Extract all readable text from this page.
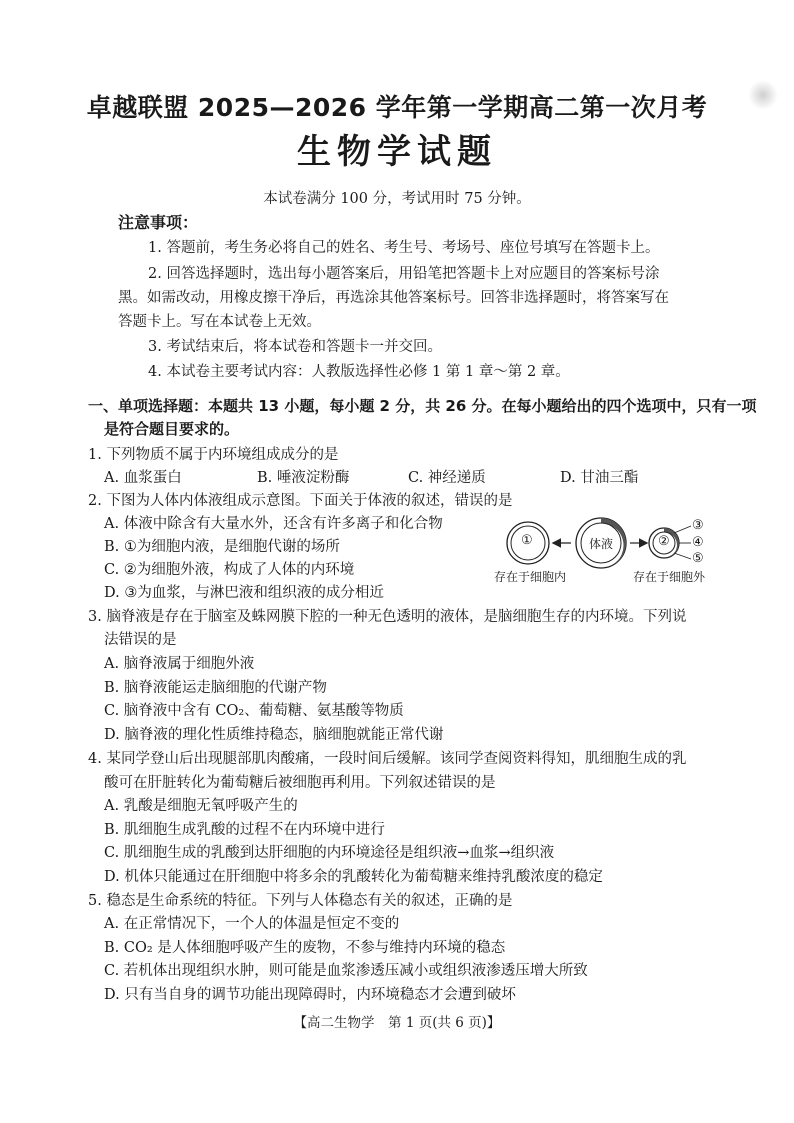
卓越联盟 2025—2026 学年第一学期高二第一次月考
生物学试题
本试卷满分 100 分，考试用时 75 分钟。
注意事项：
1. 答题前，考生务必将自己的姓名、考生号、考场号、座位号填写在答题卡上。
2. 回答选择题时，选出每小题答案后，用铅笔把答题卡上对应题目的答案标号涂
黑。如需改动，用橡皮擦干净后，再选涂其他答案标号。回答非选择题时，将答案写在
答题卡上。写在本试卷上无效。
3. 考试结束后，将本试卷和答题卡一并交回。
4. 本试卷主要考试内容：人教版选择性必修 1 第 1 章～第 2 章。
一、单项选择题：本题共 13 小题，每小题 2 分，共 26 分。在每小题给出的四个选项中，只有一项
是符合题目要求的。
1. 下列物质不属于内环境组成成分的是
A. 血浆蛋白	B. 唾液淀粉酶	C. 神经递质	D. 甘油三酯
2. 下图为人体内体液组成示意图。下面关于体液的叙述，错误的是
A. 体液中除含有大量水外，还含有许多离子和化合物
B. ①为细胞内液，是细胞代谢的场所
C. ②为细胞外液，构成了人体的内环境
D. ③为血浆，与淋巴液和组织液的成分相近
①	体液	②
③
④
⑤
存在于细胞内	存在于细胞外
3. 脑脊液是存在于脑室及蛛网膜下腔的一种无色透明的液体，是脑细胞生存的内环境。下列说
法错误的是
A. 脑脊液属于细胞外液
B. 脑脊液能运走脑细胞的代谢产物
C. 脑脊液中含有 CO₂、葡萄糖、氨基酸等物质
D. 脑脊液的理化性质维持稳态，脑细胞就能正常代谢
4. 某同学登山后出现腿部肌肉酸痛，一段时间后缓解。该同学查阅资料得知，肌细胞生成的乳
酸可在肝脏转化为葡萄糖后被细胞再利用。下列叙述错误的是
A. 乳酸是细胞无氧呼吸产生的
B. 肌细胞生成乳酸的过程不在内环境中进行
C. 肌细胞生成的乳酸到达肝细胞的内环境途径是组织液→血浆→组织液
D. 机体只能通过在肝细胞中将多余的乳酸转化为葡萄糖来维持乳酸浓度的稳定
5. 稳态是生命系统的特征。下列与人体稳态有关的叙述，正确的是
A. 在正常情况下，一个人的体温是恒定不变的
B. CO₂ 是人体细胞呼吸产生的废物，不参与维持内环境的稳态
C. 若机体出现组织水肿，则可能是血浆渗透压减小或组织液渗透压增大所致
D. 只有当自身的调节功能出现障碍时，内环境稳态才会遭到破坏
【高二生物学　第 1 页(共 6 页)】
